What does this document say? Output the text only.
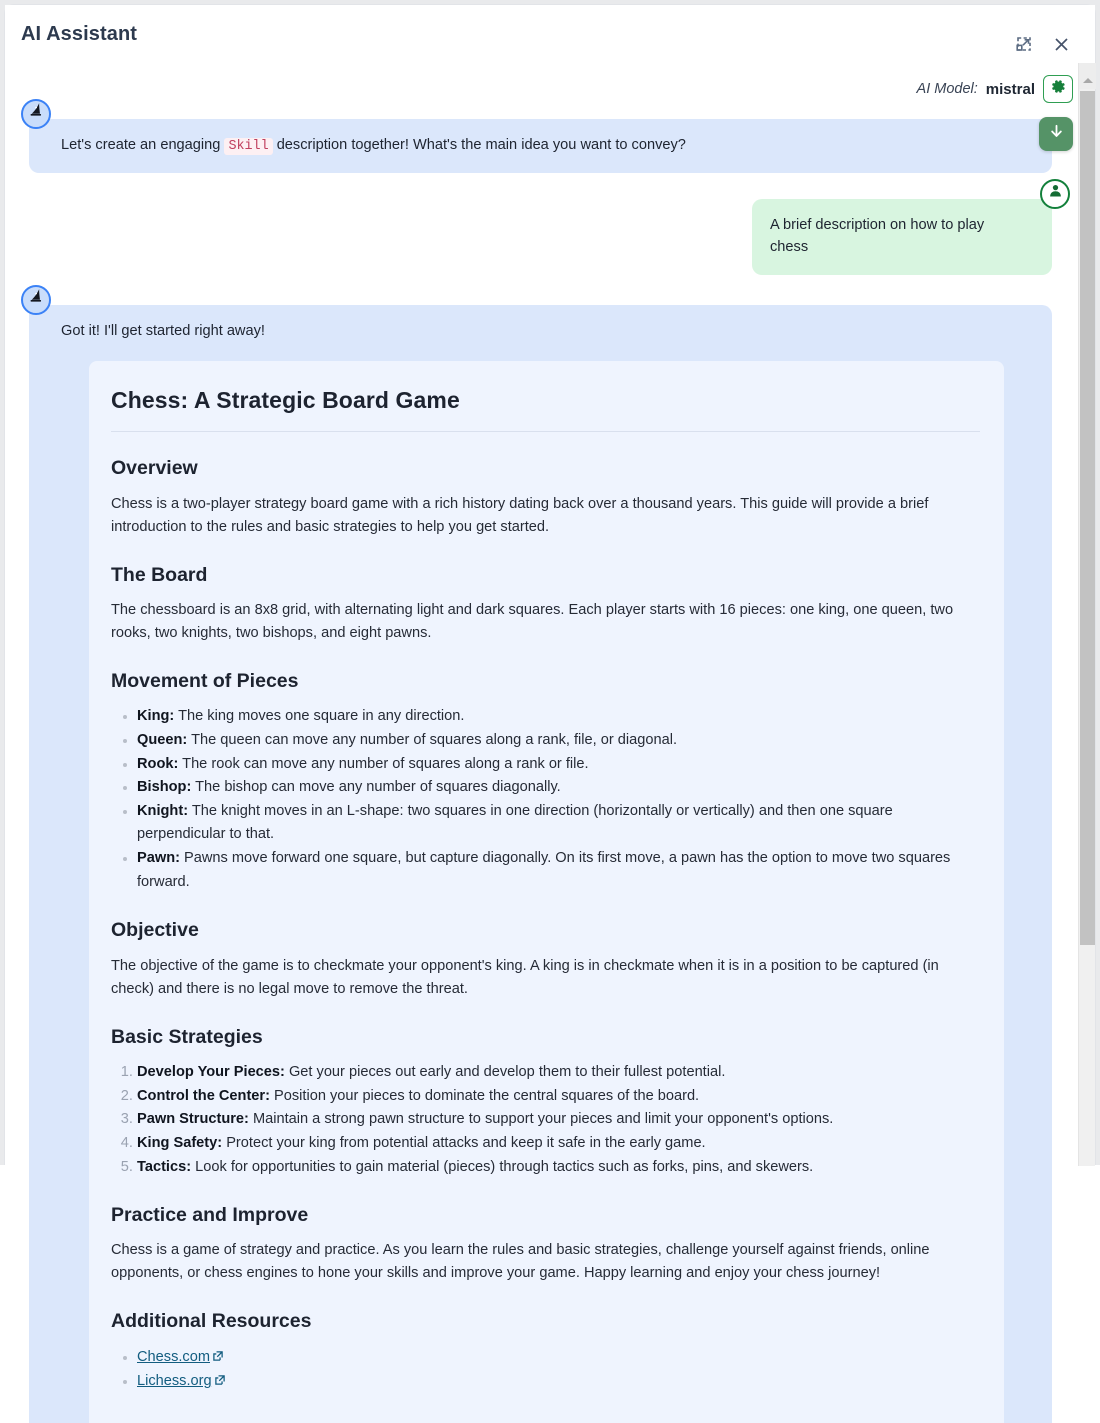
AI Assistant
AI Model: mistral
Let's create an engaging Skill description together! What's the main idea you want to convey?
A brief description on how to play chess
Got it! I'll get started right away!
Chess: A Strategic Board Game
Overview

Chess is a two-player strategy board game with a rich history dating back over a thousand years. This guide will provide a brief introduction to the rules and basic strategies to help you get started.

The Board

The chessboard is an 8x8 grid, with alternating light and dark squares. Each player starts with 16 pieces: one king, one queen, two rooks, two knights, two bishops, and eight pawns.

Movement of Pieces
• King: The king moves one square in any direction.
• Queen: The queen can move any number of squares along a rank, file, or diagonal.
• Rook: The rook can move any number of squares along a rank or file.
• Bishop: The bishop can move any number of squares diagonally.
• Knight: The knight moves in an L-shape: two squares in one direction (horizontally or vertically) and then one square perpendicular to that.
• Pawn: Pawns move forward one square, but capture diagonally. On its first move, a pawn has the option to move two squares forward.
Objective

The objective of the game is to checkmate your opponent's king. A king is in checkmate when it is in a position to be captured (in check) and there is no legal move to remove the threat.

Basic Strategies
1. Develop Your Pieces: Get your pieces out early and develop them to their fullest potential.
2. Control the Center: Position your pieces to dominate the central squares of the board.
3. Pawn Structure: Maintain a strong pawn structure to support your pieces and limit your opponent's options.
4. King Safety: Protect your king from potential attacks and keep it safe in the early game.
5. Tactics: Look for opportunities to gain material (pieces) through tactics such as forks, pins, and skewers.
Practice and Improve

Chess is a game of strategy and practice. As you learn the rules and basic strategies, challenge yourself against friends, online opponents, or chess engines to hone your skills and improve your game. Happy learning and enjoy your chess journey!

Additional Resources
• Chess.com
• Lichess.org
